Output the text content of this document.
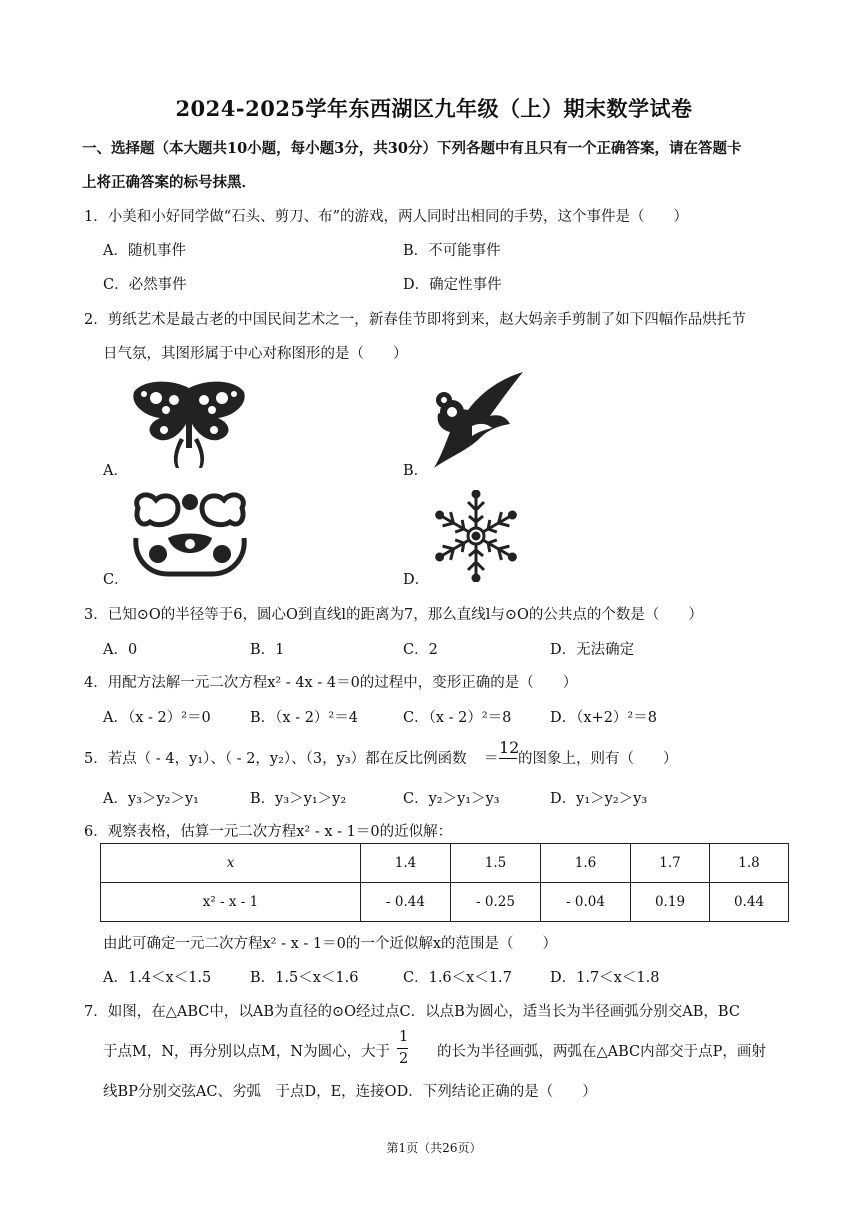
2024-2025学年东西湖区九年级（上）期末数学试卷
一、选择题（本大题共10小题，每小题3分，共30分）下列各题中有且只有一个正确答案，请在答题卡
上将正确答案的标号抹黑．
1．小美和小好同学做“石头、剪刀、布”的游戏，两人同时出相同的手势，这个事件是（　　）
A．随机事件	B．不可能事件
C．必然事件	D．确定性事件
2．剪纸艺术是最古老的中国民间艺术之一，新春佳节即将到来，赵大妈亲手剪制了如下四幅作品烘托节
日气氛，其图形属于中心对称图形的是（　　）
A．	B．
C．	D．
3．已知⊙O的半径等于6，圆心O到直线l的距离为7，那么直线l与⊙O的公共点的个数是（　　）
A．0	B．1	C．2	D．无法确定
4．用配方法解一元二次方程x² - 4x - 4＝0的过程中，变形正确的是（　　）
A．（x - 2）²＝0	B．（x - 2）²＝4	C．（x - 2）²＝8	D．（x+2）²＝8
5．若点（ - 4，y₁）、（ - 2，y₂）、（3，y₃）都在反比例函数 ＝
12
的图象上，则有（　　）
A．y₃＞y₂＞y₁	B．y₃＞y₁＞y₂	C．y₂＞y₁＞y₃	D．y₁＞y₂＞y₃
6．观察表格，估算一元二次方程x² - x - 1＝0的近似解：
x	1.4	1.5	1.6	1.7	1.8
x² - x - 1	- 0.44	- 0.25	- 0.04	0.19	0.44
由此可确定一元二次方程x² - x - 1＝0的一个近似解x的范围是（　　）
A．1.4＜x＜1.5	B．1.5＜x＜1.6	C．1.6＜x＜1.7	D．1.7＜x＜1.8
7．如图，在△ABC中，以AB为直径的⊙O经过点C．以点B为圆心，适当长为半径画弧分别交AB，BC
于点M，N，再分别以点M，N为圆心，大于
1
2 的长为半径画弧，两弧在△ABC内部交于点P，画射
线BP分别交弦AC、劣弧　于点D，E，连接OD．下列结论正确的是（　　）
第1页（共26页）
